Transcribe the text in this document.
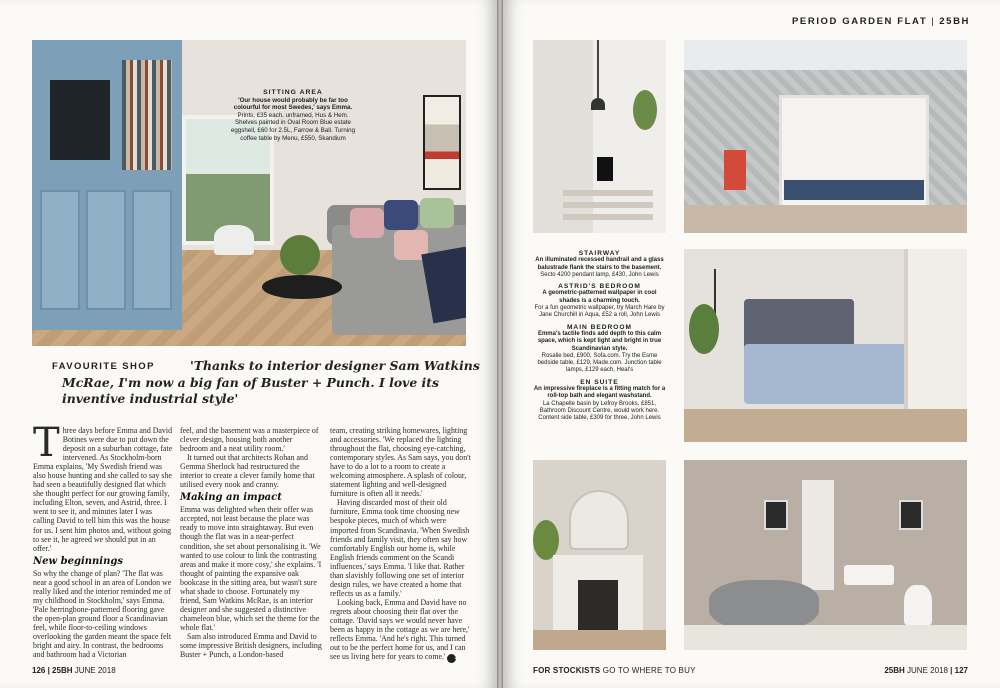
SITTING AREA
'Our house would probably be far too colourful for most Swedes,' says Emma.
Prints, £35 each, unframed, Hus & Hem. Shelves painted in Oval Room Blue estate eggshell, £60 for 2.5L, Farrow & Ball. Turning coffee table by Menu, £550, Skandium
FAVOURITE SHOP	'Thanks to interior designer Sam Watkins McRae, I'm now a big fan of Buster + Punch. I love its inventive industrial style'

Three days before Emma and David Botines were due to put down the deposit on a suburban cottage, fate intervened. As Stockholm-born Emma explains, 'My Swedish friend was also house hunting and she called to say she had seen a beautifully designed flat which she thought perfect for our growing family, including Elton, seven, and Astrid, three. I went to see it, and minutes later I was calling David to tell him this was the house for us. I sent him photos and, without going to see it, he agreed we should put in an offer.'

New beginnings

So why the change of plan? 'The flat was near a good school in an area of London we really liked and the interior reminded me of my childhood in Stockholm,' says Emma. 'Pale herringbone-patterned flooring gave the open-plan ground floor a Scandinavian feel, while floor-to-ceiling windows overlooking the garden meant the space felt bright and airy. In contrast, the bedrooms and bathroom had a Victorian

feel, and the basement was a masterpiece of clever design, housing both another bedroom and a neat utility room.'

It turned out that architects Rohan and Gemma Sherlock had restructured the interior to create a clever family home that utilised every nook and cranny.

Making an impact

Emma was delighted when their offer was accepted, not least because the place was ready to move into straightaway. But even though the flat was in a near-perfect condition, she set about personalising it. 'We wanted to use colour to link the contrasting areas and make it more cosy,' she explains. 'I thought of painting the expansive oak bookcase in the sitting area, but wasn't sure what shade to choose. Fortunately my friend, Sam Watkins McRae, is an interior designer and she suggested a distinctive chameleon blue, which set the theme for the whole flat.'

Sam also introduced Emma and David to some impressive British designers, including Buster + Punch, a London-based

team, creating striking homewares, lighting and accessories. 'We replaced the lighting throughout the flat, choosing eye-catching, contemporary styles. As Sam says, you don't have to do a lot to a room to create a welcoming atmosphere. A splash of colour, statement lighting and well-designed furniture is often all it needs.'

Having discarded most of their old furniture, Emma took time choosing new bespoke pieces, much of which were imported from Scandinavia. 'When Swedish friends and family visit, they often say how comfortably English our home is, while English friends comment on the Scandi influences,' says Emma. 'I like that. Rather than slavishly following one set of interior design rules, we have created a home that reflects us as a family.'

Looking back, Emma and David have no regrets about choosing their flat over the cottage. 'David says we would never have been as happy in the cottage as we are here,' reflects Emma. 'And he's right. This turned out to be the perfect home for us, and I can see us living here for years to come.' 25

126 | 25BH JUNE 2018
PERIOD GARDEN FLAT | 25BH
STAIRWAY
An illuminated recessed handrail and a glass balustrade flank the stairs to the basement.
Secto 4200 pendant lamp, £430, John Lewis
ASTRID'S BEDROOM
A geometric-patterned wallpaper in cool shades is a charming touch.
For a fun geometric wallpaper, try March Hare by Jane Churchill in Aqua, £52 a roll, John Lewis
MAIN BEDROOM
Emma's tactile finds add depth to this calm space, which is kept light and bright in true Scandinavian style.
Rosalie bed, £900, Sofa.com. Try the Esme bedside table, £129, Made.com. Junction table lamps, £129 each, Heal's
EN SUITE
An impressive fireplace is a fitting match for a roll-top bath and elegant washstand.
La Chapelle basin by Lefroy Brooks, £851, Bathroom Discount Centre, would work here. Content side table, £309 for three, John Lewis
FOR STOCKISTS GO TO WHERE TO BUY	25BH JUNE 2018 | 127
